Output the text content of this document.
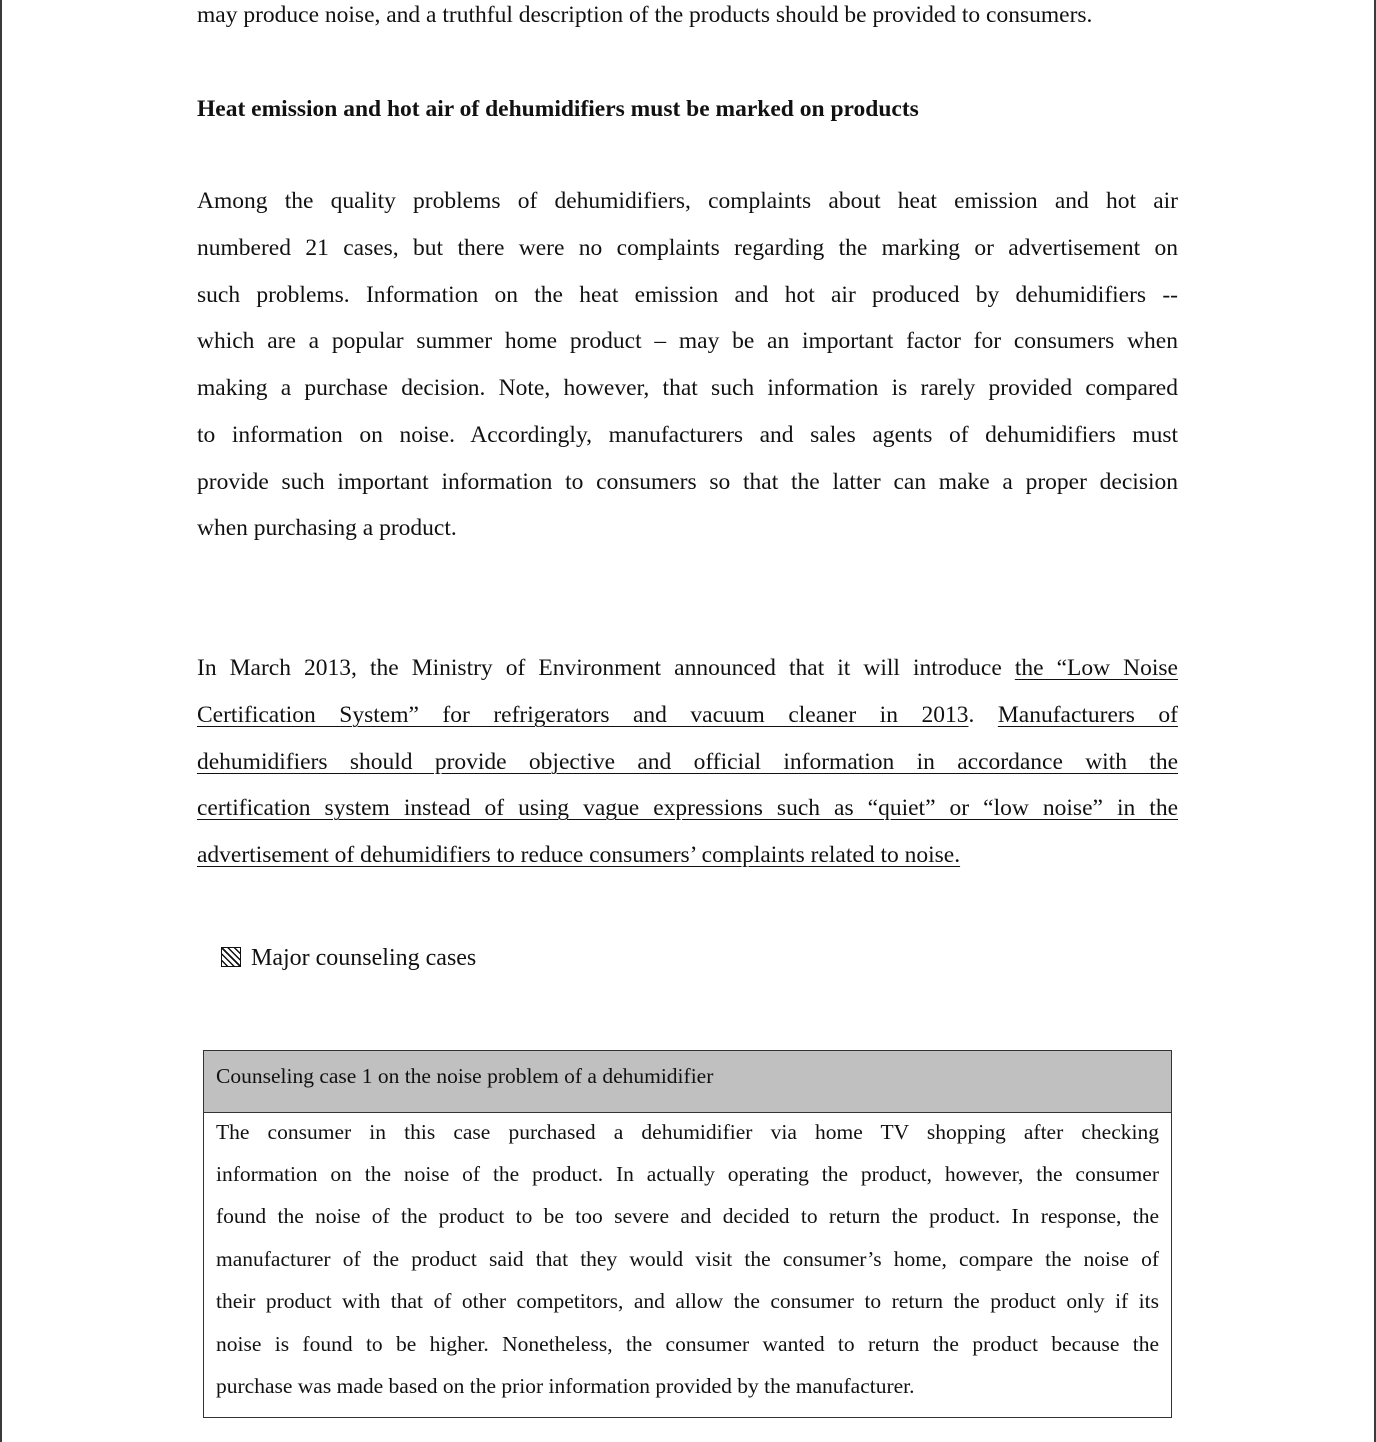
may produce noise, and a truthful description of the products should be provided to consumers.
Heat emission and hot air of dehumidifiers must be marked on products
Among the quality problems of dehumidifiers, complaints about heat emission and hot air
numbered 21 cases, but there were no complaints regarding the marking or advertisement on
such problems. Information on the heat emission and hot air produced by dehumidifiers --
which are a popular summer home product – may be an important factor for consumers when
making a purchase decision. Note, however, that such information is rarely provided compared
to information on noise. Accordingly, manufacturers and sales agents of dehumidifiers must
provide such important information to consumers so that the latter can make a proper decision
when purchasing a product.
In March 2013, the Ministry of Environment announced that it will introduce the “Low Noise
Certification System” for refrigerators and vacuum cleaner in 2013. Manufacturers of
dehumidifiers should provide objective and official information in accordance with the
certification system instead of using vague expressions such as “quiet” or “low noise” in the
advertisement of dehumidifiers to reduce consumers’ complaints related to noise.
Major counseling cases
Counseling case 1 on the noise problem of a dehumidifier
The consumer in this case purchased a dehumidifier via home TV shopping after checking
information on the noise of the product. In actually operating the product, however, the consumer
found the noise of the product to be too severe and decided to return the product. In response, the
manufacturer of the product said that they would visit the consumer’s home, compare the noise of
their product with that of other competitors, and allow the consumer to return the product only if its
noise is found to be higher. Nonetheless, the consumer wanted to return the product because the
purchase was made based on the prior information provided by the manufacturer.
